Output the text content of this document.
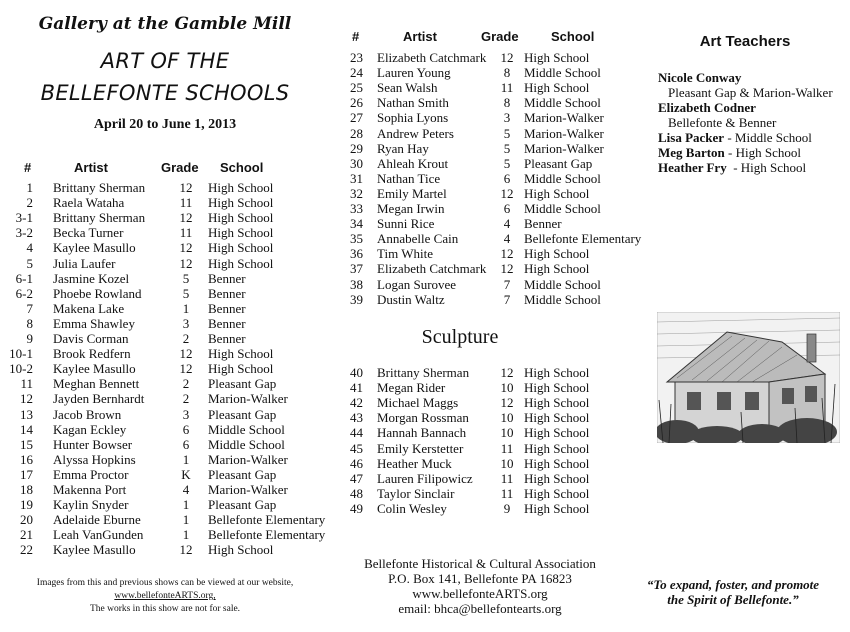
Gallery at the Gamble Mill
ART OF THE
BELLEFONTE SCHOOLS
April 20 to June 1, 2013
#	Artist	Grade School
1 Brittany Sherman	12	High School
2 Raela Wataha	11	High School
3-1 Brittany Sherman	12	High School
3-2 Becka Turner	11	High School
4 Kaylee Masullo	12	High School
5 Julia Laufer	12	High School
6-1 Jasmine Kozel	5	Benner
6-2 Phoebe Rowland	5	Benner
7 Makena Lake	1	Benner
8 Emma Shawley	3	Benner
9 Davis Corman	2	Benner
10-1 Brook Redfern	12	High School
10-2 Kaylee Masullo	12	High School
11 Meghan Bennett	2	Pleasant Gap
12 Jayden Bernhardt	2	Marion-Walker
13 Jacob Brown	3	Pleasant Gap
14 Kagan Eckley	6	Middle School
15 Hunter Bowser	6	Middle School
16 Alyssa Hopkins	1	Marion-Walker
17 Emma Proctor	K	Pleasant Gap
18 Makenna Port	4	Marion-Walker
19 Kaylin Snyder	1	Pleasant Gap
20 Adelaide Eburne	1	Bellefonte Elementary
21 Leah VanGunden	1	Bellefonte Elementary
22 Kaylee Masullo	12	High School
#	Artist	Grade School
23 Elizabeth Catchmark	12 High School
24 Lauren Young	8	Middle School
25 Sean Walsh	11 High School
26 Nathan Smith	8	Middle School
27 Sophia Lyons	3	Marion-Walker
28 Andrew Peters	5	Marion-Walker
29 Ryan Hay	5	Marion-Walker
30 Ahleah Krout	5	Pleasant Gap
31 Nathan Tice	6	Middle School
32 Emily Martel	12 High School
33 Megan Irwin	6	Middle School
34 Sunni Rice	4	Benner
35 Annabelle Cain	4	Bellefonte Elementary
36 Tim White	12 High School
37 Elizabeth Catchmark	12 High School
38 Logan Surovee	7	Middle School
39 Dustin Waltz	7	Middle School
Sculpture
40 Brittany Sherman	12 High School
41 Megan Rider	10 High School
42 Michael Maggs	12 High School
43 Morgan Rossman	10 High School
44 Hannah Bannach	10 High School
45 Emily Kerstetter	11 High School
46 Heather Muck	10 High School
47 Lauren Filipowicz	11 High School
48 Taylor Sinclair	11 High School
49 Colin Wesley	9	High School
Art Teachers
Nicole Conway
Pleasant Gap & Marion-Walker
Elizabeth Codner
Bellefonte & Benner
Lisa Packer - Middle School
Meg Barton - High School
Heather Fry  - High School
Images from this and previous shows can be viewed at our website,
www.bellefonteARTS.org,
The works in this show are not for sale.
Bellefonte Historical & Cultural Association
P.O. Box 141, Bellefonte PA 16823
www.bellefonteARTS.org
email: bhca@bellefontearts.org
“To expand, foster, and promote
the Spirit of Bellefonte.”
